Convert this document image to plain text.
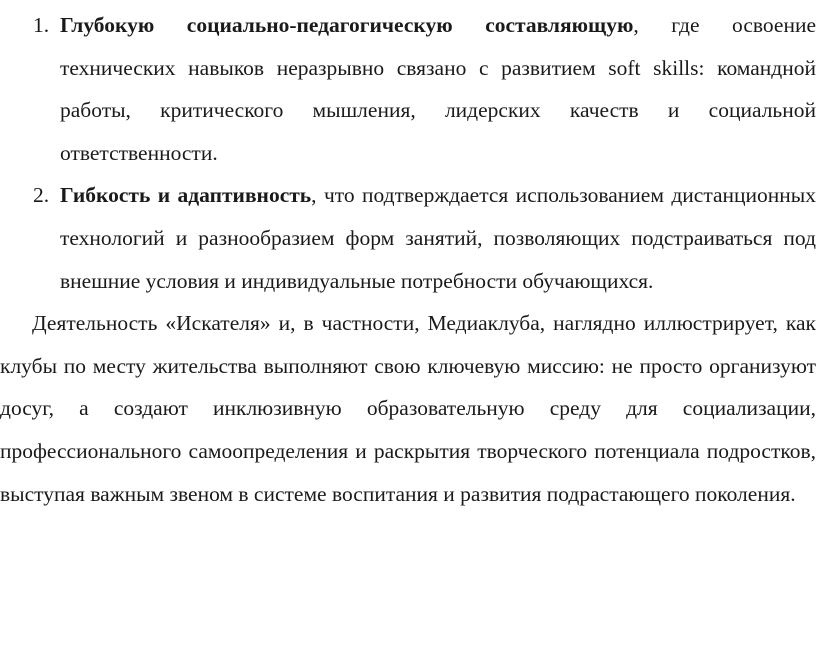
1. Глубокую социально-педагогическую составляющую, где освоение технических навыков неразрывно связано с развитием soft skills: командной работы, критического мышления, лидерских качеств и социальной ответственности.
2. Гибкость и адаптивность, что подтверждается использованием дистанционных технологий и разнообразием форм занятий, позволяющих подстраиваться под внешние условия и индивидуальные потребности обучающихся.

Деятельность «Искателя» и, в частности, Медиаклуба, наглядно иллюстрирует, как клубы по месту жительства выполняют свою ключевую миссию: не просто организуют досуг, а создают инклюзивную образовательную среду для социализации, профессионального самоопределения и раскрытия творческого потенциала подростков, выступая важным звеном в системе воспитания и развития подрастающего поколения.
